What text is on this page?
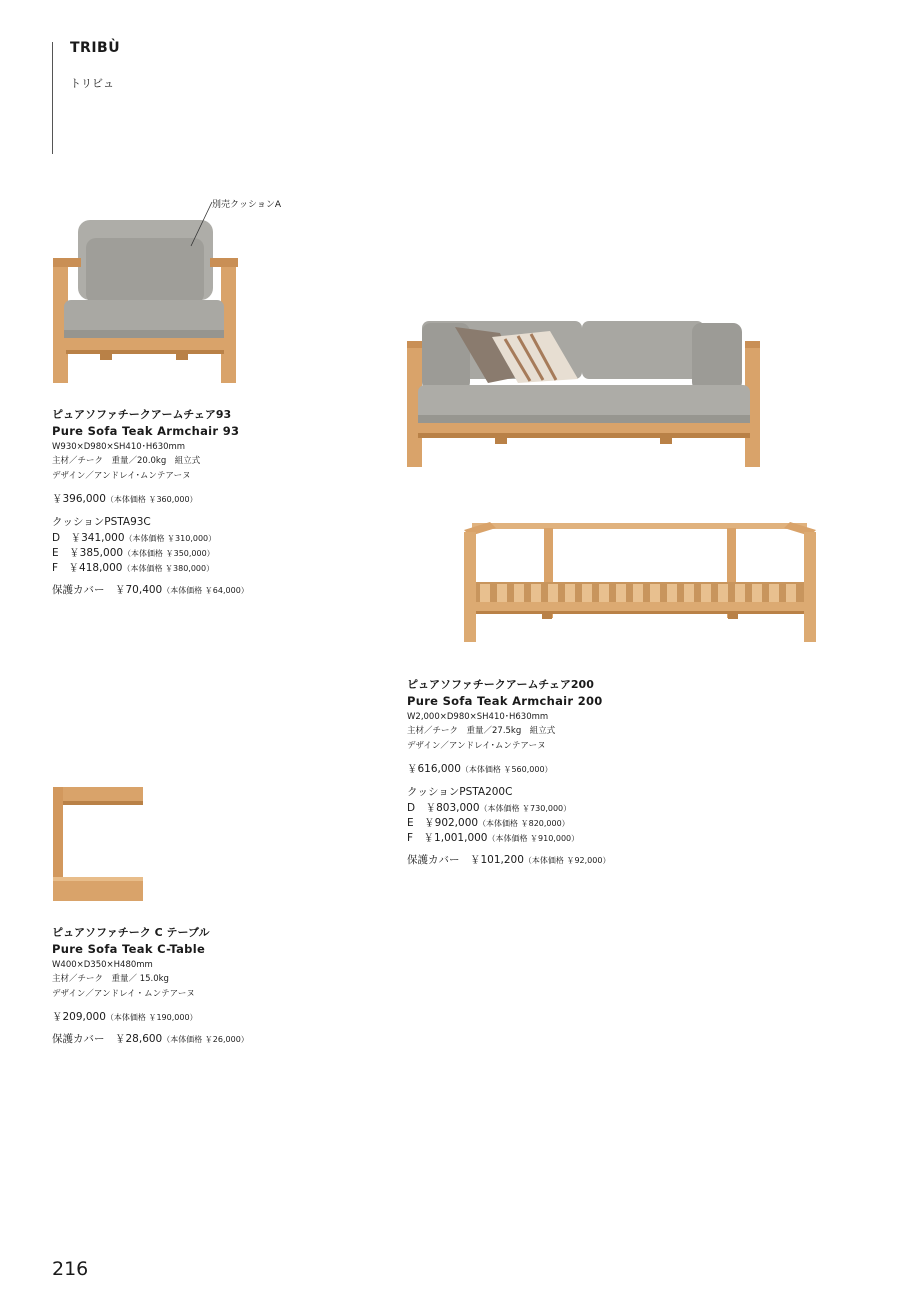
TRIBÙ
トリビュ
別売クッションA
ピュアソファチークアームチェア93
Pure Sofa Teak Armchair 93
W930×D980×SH410･H630mm
主材／チーク　重量／20.0kg　組立式
デザイン／アンドレイ･ムンテアーヌ
￥396,000（本体価格 ￥360,000）
クッションPSTA93C
D　 ￥341,000（本体価格 ￥310,000）
E　 ￥385,000（本体価格 ￥350,000）
F　 ￥418,000（本体価格 ￥380,000）
保護カバー　 ￥70,400（本体価格 ￥64,000）
ピュアソファチークアームチェア200
Pure Sofa Teak Armchair 200
W2,000×D980×SH410･H630mm
主材／チーク　重量／27.5kg　組立式
デザイン／アンドレイ･ムンテアーヌ
￥616,000（本体価格 ￥560,000）
クッションPSTA200C
D　 ￥803,000（本体価格 ￥730,000）
E　 ￥902,000（本体価格 ￥820,000）
F　 ￥1,001,000（本体価格 ￥910,000）
保護カバー　 ￥101,200（本体価格 ￥92,000）
ピュアソファチーク C テーブル
Pure Sofa Teak C-Table
W400×D350×H480mm
主材／チーク　重量／ 15.0kg
デザイン／アンドレイ・ムンテアーヌ
￥209,000（本体価格 ￥190,000）
保護カバー　 ￥28,600（本体価格 ￥26,000）
216
